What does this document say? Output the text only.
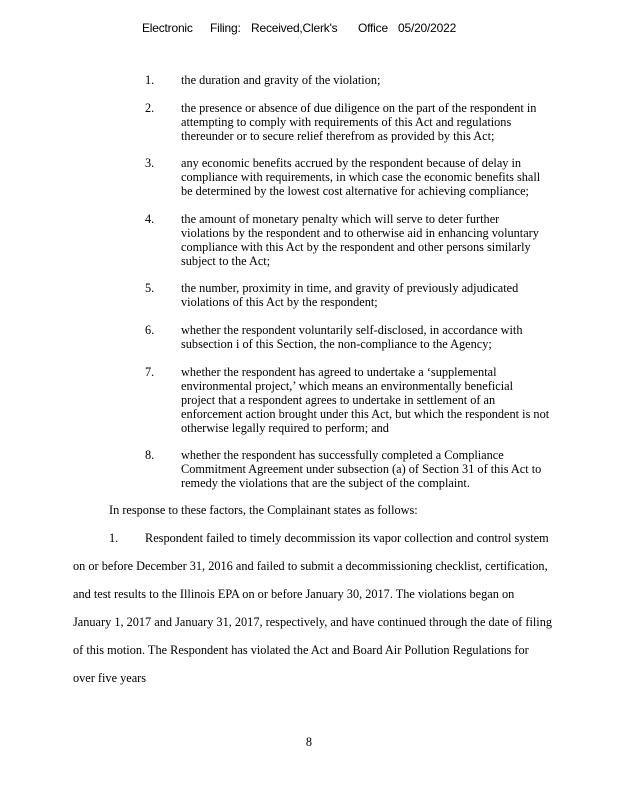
Electronic Filing: Received,Clerk's Office 05/20/2022
1. the duration and gravity of the violation;
2. the presence or absence of due diligence on the part of the respondent in
attempting to comply with requirements of this Act and regulations
thereunder or to secure relief therefrom as provided by this Act;
3. any economic benefits accrued by the respondent because of delay in
compliance with requirements, in which case the economic benefits shall
be determined by the lowest cost alternative for achieving compliance;
4. the amount of monetary penalty which will serve to deter further
violations by the respondent and to otherwise aid in enhancing voluntary
compliance with this Act by the respondent and other persons similarly
subject to the Act;
5. the number, proximity in time, and gravity of previously adjudicated
violations of this Act by the respondent;
6. whether the respondent voluntarily self-disclosed, in accordance with
subsection i of this Section, the non-compliance to the Agency;
7. whether the respondent has agreed to undertake a ‘supplemental
environmental project,’ which means an environmentally beneficial
project that a respondent agrees to undertake in settlement of an
enforcement action brought under this Act, but which the respondent is not
otherwise legally required to perform; and
8. whether the respondent has successfully completed a Compliance
Commitment Agreement under subsection (a) of Section 31 of this Act to
remedy the violations that are the subject of the complaint.
In response to these factors, the Complainant states as follows:
1. Respondent failed to timely decommission its vapor collection and control system
on or before December 31, 2016 and failed to submit a decommissioning checklist, certification,
and test results to the Illinois EPA on or before January 30, 2017. The violations began on
January 1, 2017 and January 31, 2017, respectively, and have continued through the date of filing
of this motion. The Respondent has violated the Act and Board Air Pollution Regulations for
over five years
8
